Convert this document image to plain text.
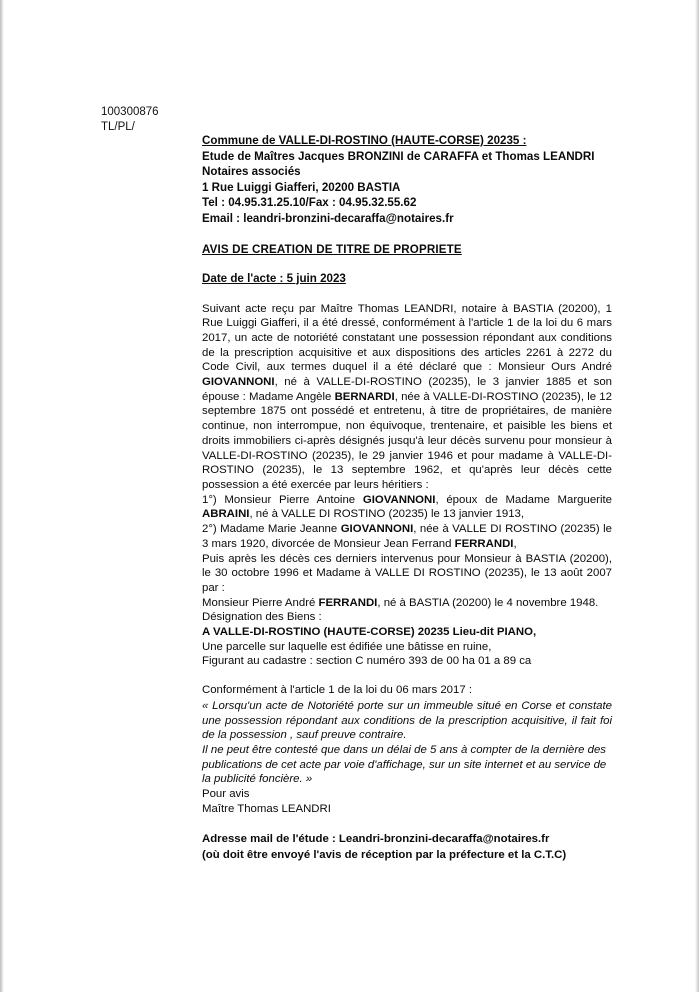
100300876
TL/PL/
Commune de VALLE-DI-ROSTINO (HAUTE-CORSE) 20235 :
Etude de Maîtres Jacques BRONZINI de CARAFFA et Thomas LEANDRI
Notaires associés
1 Rue Luiggi Giafferi, 20200 BASTIA
Tel : 04.95.31.25.10/Fax : 04.95.32.55.62
Email : leandri-bronzini-decaraffa@notaires.fr
AVIS DE CREATION DE TITRE DE PROPRIETE
Date de l'acte : 5 juin 2023

Suivant acte reçu par Maître Thomas LEANDRI, notaire à BASTIA (20200), 1 Rue Luiggi Giafferi, il a été dressé, conformément à l'article 1 de la loi du 6 mars 2017, un acte de notoriété constatant une possession répondant aux conditions de la prescription acquisitive et aux dispositions des articles 2261 à 2272 du Code Civil, aux termes duquel il a été déclaré que : Monsieur Ours André GIOVANNONI, né à VALLE-DI-ROSTINO (20235), le 3 janvier 1885 et son épouse : Madame Angèle BERNARDI, née à VALLE-DI-ROSTINO (20235), le 12 septembre 1875 ont possédé et entretenu, à titre de propriétaires, de manière continue, non interrompue, non équivoque, trentenaire, et paisible les biens et droits immobiliers ci-après désignés jusqu'à leur décès survenu pour monsieur à VALLE-DI-ROSTINO (20235), le 29 janvier 1946 et pour madame à VALLE-DI-ROSTINO (20235), le 13 septembre 1962, et qu'après leur décès cette possession a été exercée par leurs héritiers :

1°) Monsieur Pierre Antoine GIOVANNONI, époux de Madame Marguerite ABRAINI, né à VALLE DI ROSTINO (20235) le 13 janvier 1913,

2°) Madame Marie Jeanne GIOVANNONI, née à VALLE DI ROSTINO (20235) le 3 mars 1920, divorcée de Monsieur Jean Ferrand FERRANDI,

Puis après les décès ces derniers intervenus pour Monsieur à BASTIA (20200), le 30 octobre 1996 et Madame à VALLE DI ROSTINO (20235), le 13 août 2007 par :

Monsieur Pierre André FERRANDI, né à BASTIA (20200) le 4 novembre 1948.

Désignation des Biens :
A VALLE-DI-ROSTINO (HAUTE-CORSE) 20235 Lieu-dit PIANO,
Une parcelle sur laquelle est édifiée une bâtisse en ruine,
Figurant au cadastre : section C numéro 393 de 00 ha 01 a 89 ca
Conformément à l'article 1 de la loi du 06 mars 2017 :

« Lorsqu'un acte de Notoriété porte sur un immeuble situé en Corse et constate une possession répondant aux conditions de la prescription acquisitive, il fait foi de la possession , sauf preuve contraire.

Il ne peut être contesté que dans un délai de 5 ans à compter de la dernière des publications de cet acte par voie d'affichage, sur un site internet et au service de la publicité foncière. »

Pour avis
Maître Thomas LEANDRI
Adresse mail de l'étude : Leandri-bronzini-decaraffa@notaires.fr
(où doit être envoyé l'avis de réception par la préfecture et la C.T.C)
